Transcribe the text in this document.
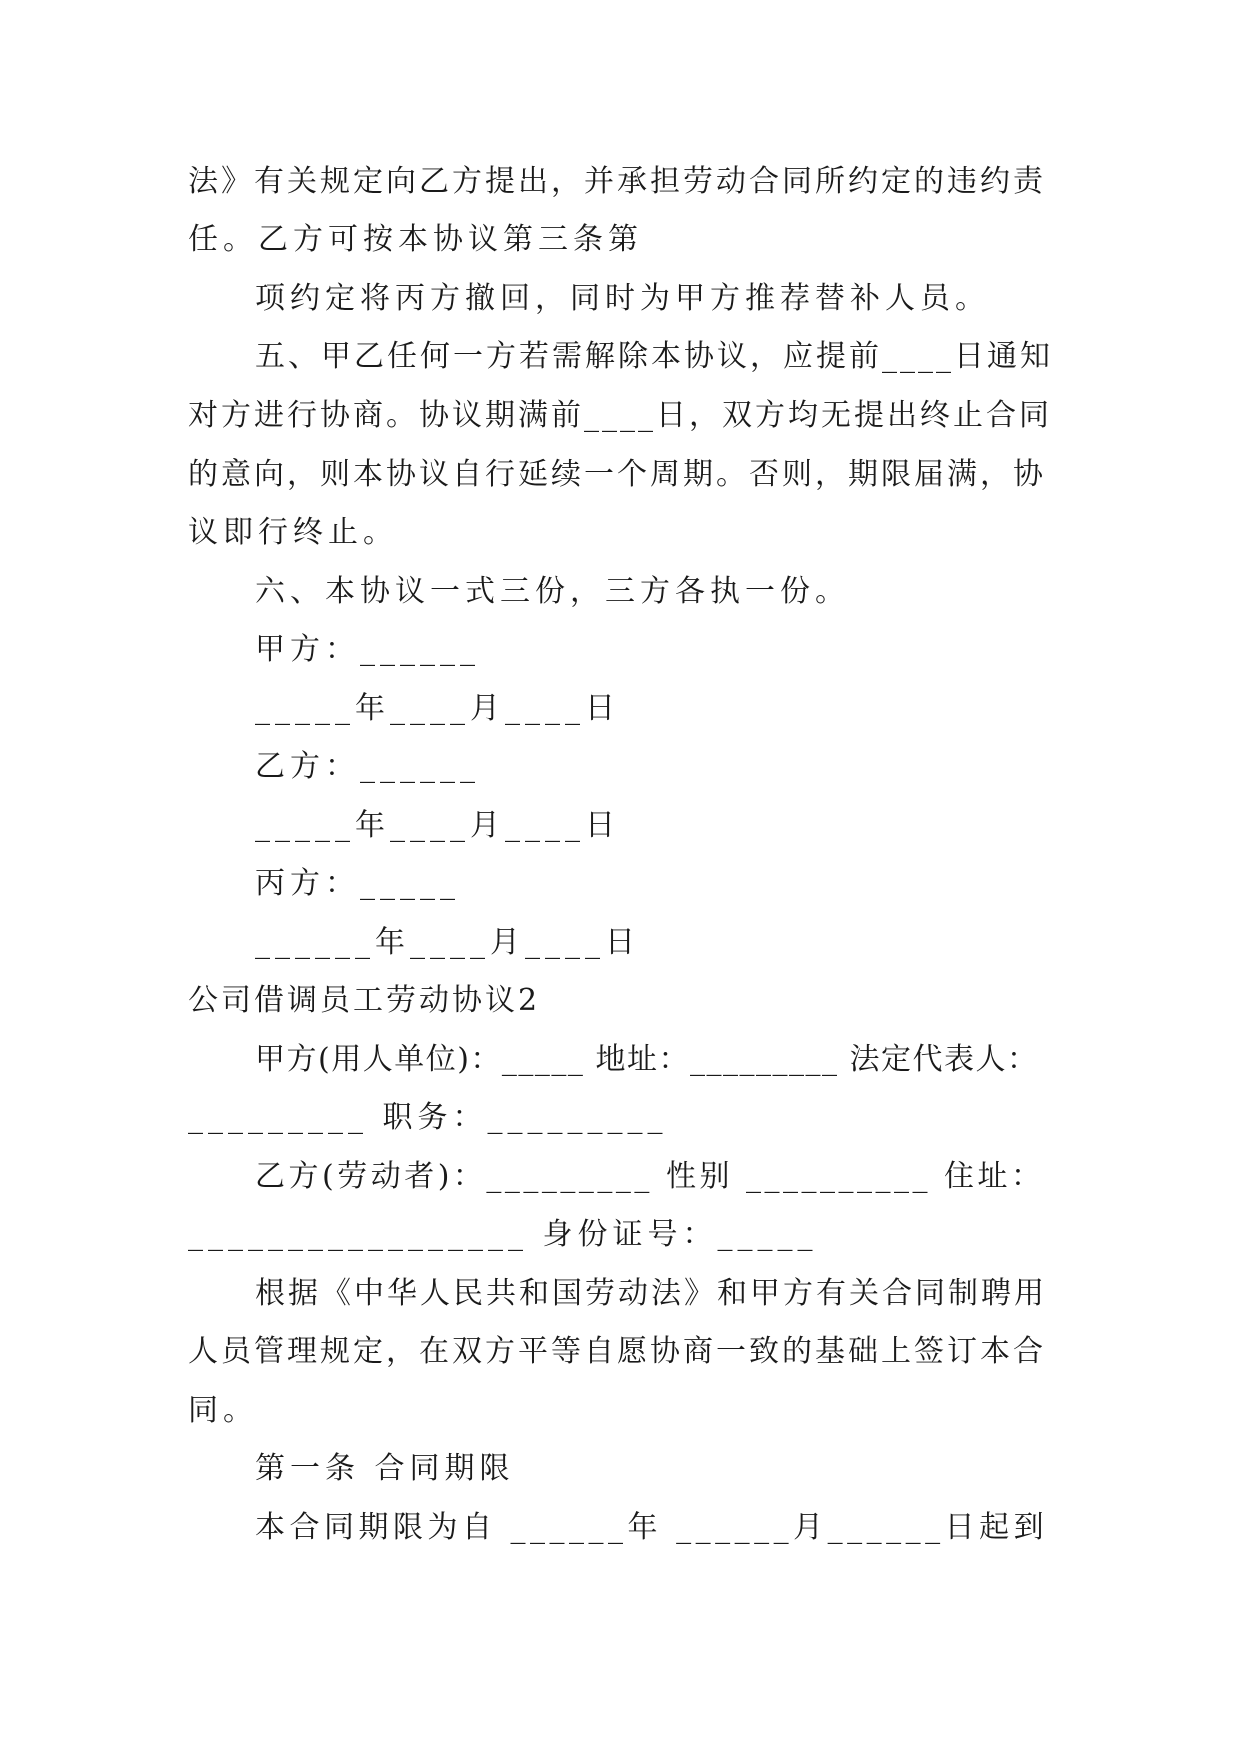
法》有关规定向乙方提出，并承担劳动合同所约定的违约责
任。乙方可按本协议第三条第
项约定将丙方撤回，同时为甲方推荐替补人员。
五、甲乙任何一方若需解除本协议，应提前____日通知
对方进行协商。协议期满前____日，双方均无提出终止合同
的意向，则本协议自行延续一个周期。否则，期限届满，协
议即行终止。
六、本协议一式三份，三方各执一份。
甲方：______
_____年____月____日
乙方：______
_____年____月____日
丙方：_____
______年____月____日
公司借调员工劳动协议2
甲方(用人单位)：_____ 地址：_________ 法定代表人：
_________ 职务：_________
乙方(劳动者)：_________ 性别 __________ 住址：
_________________ 身份证号：_____
根据《中华人民共和国劳动法》和甲方有关合同制聘用
人员管理规定，在双方平等自愿协商一致的基础上签订本合
同。
第一条 合同期限
本合同期限为自 ______年 ______月______日起到
